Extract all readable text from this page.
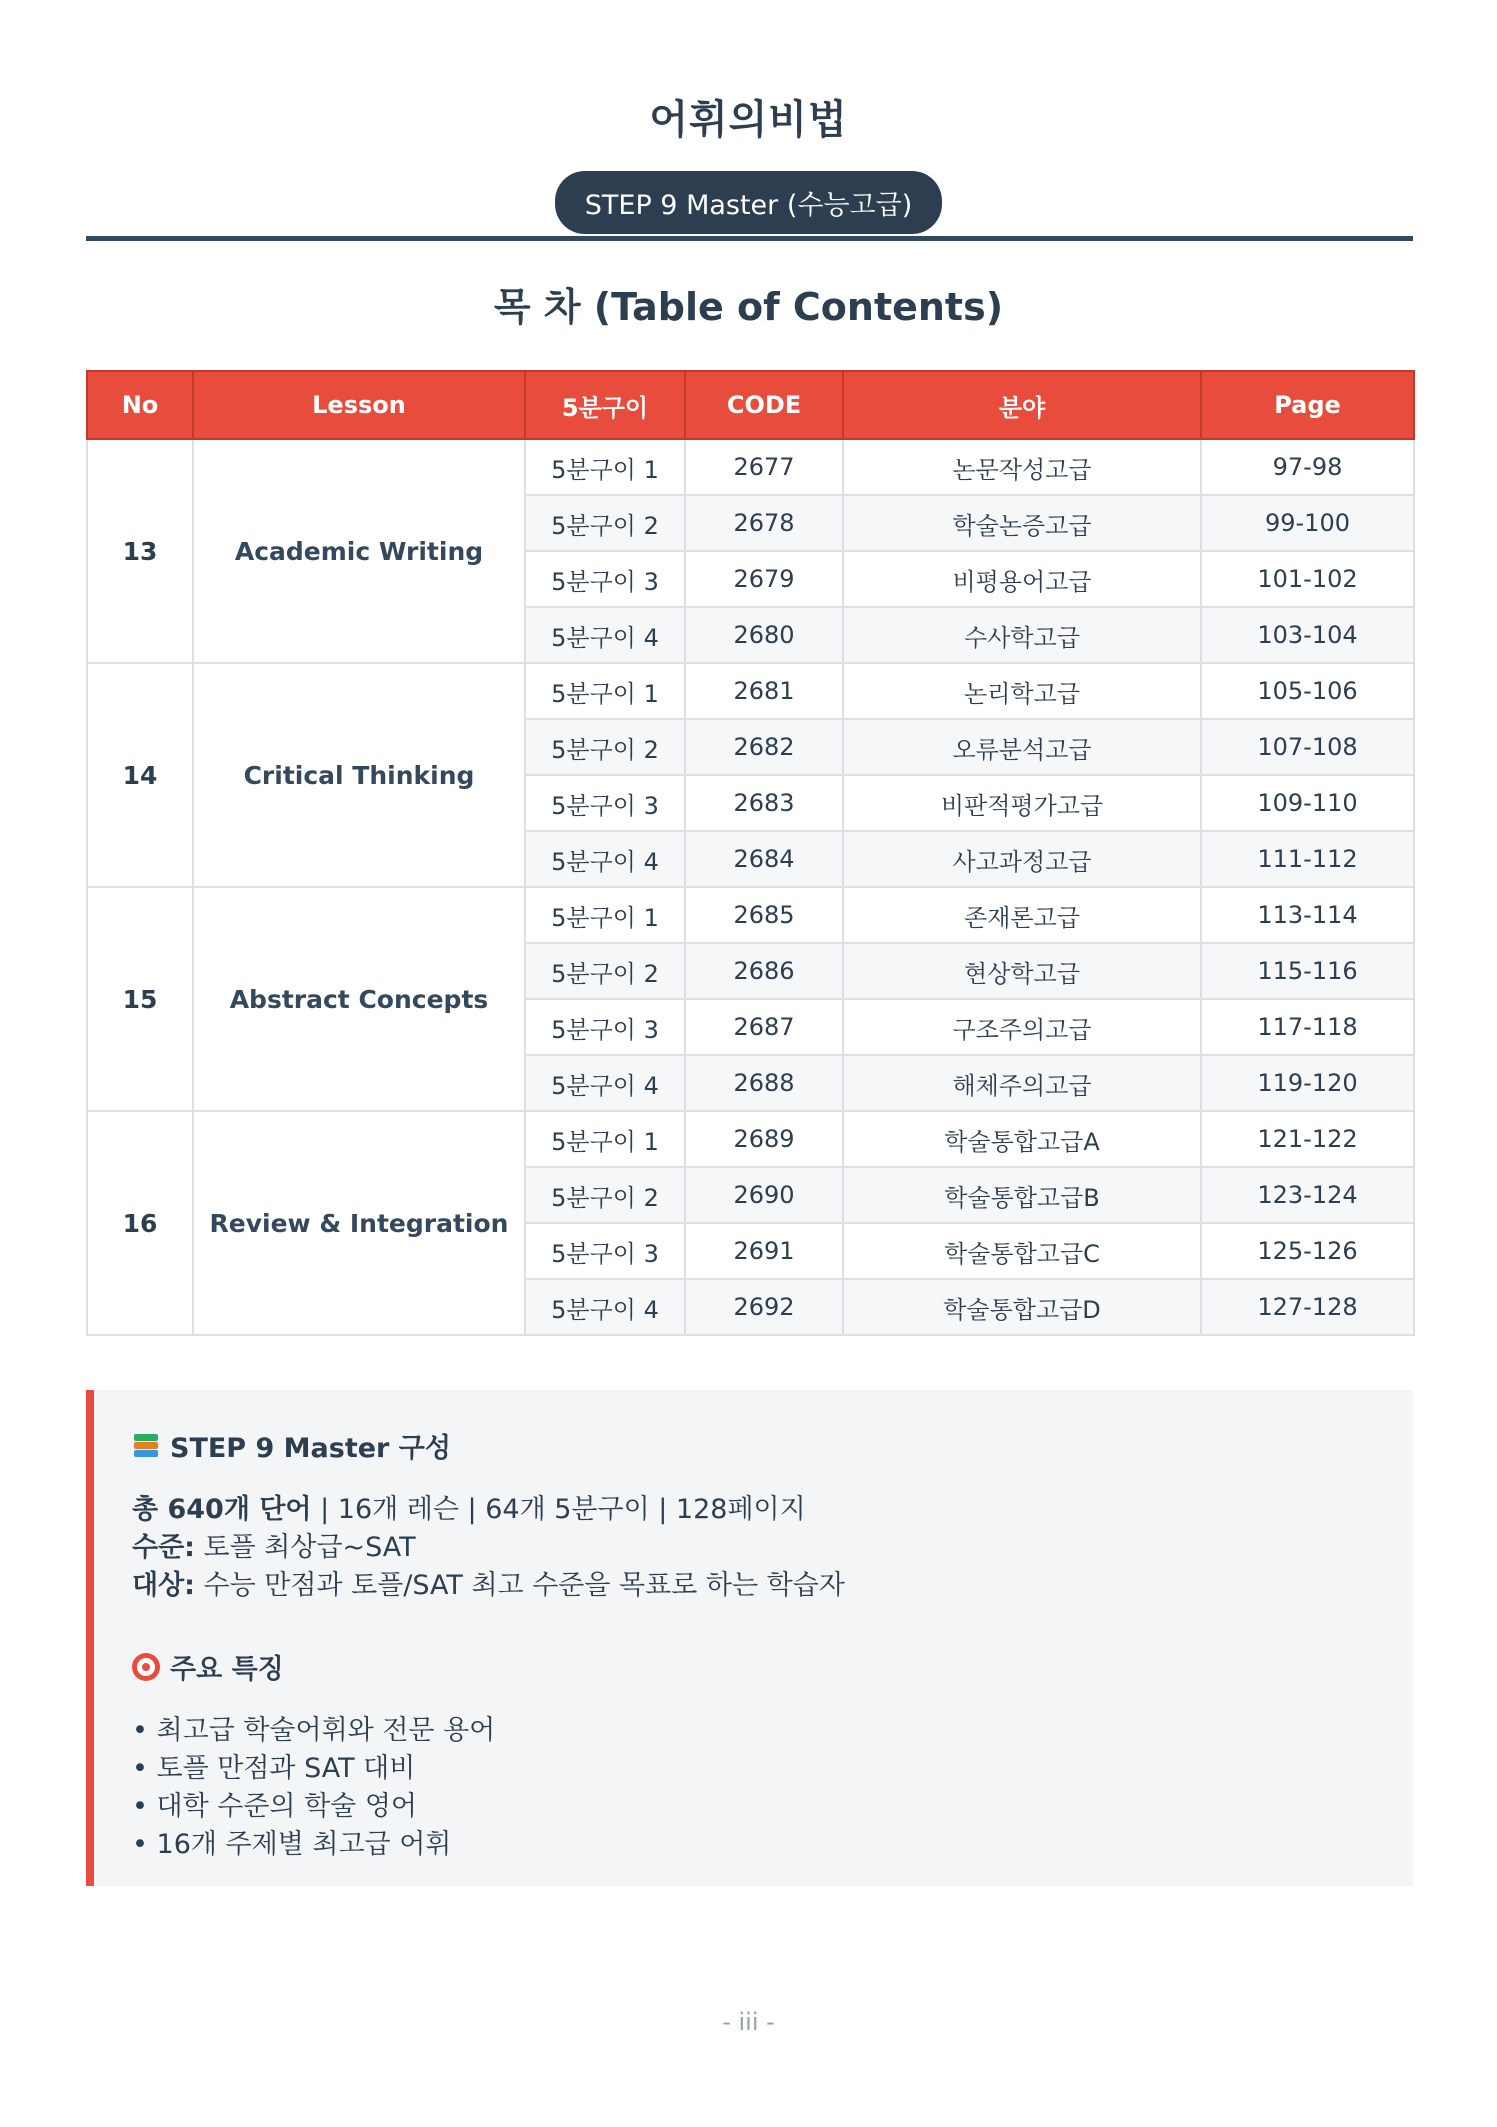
어휘의비법
STEP 9 Master (수능고급)
목 차 (Table of Contents)
No	Lesson	5분구이	CODE	분야	Page
13	Academic Writing	5분구이 1	2677	논문작성고급	97-98
		5분구이 2	2678	학술논증고급	99-100
		5분구이 3	2679	비평용어고급	101-102
		5분구이 4	2680	수사학고급	103-104
14	Critical Thinking	5분구이 1	2681	논리학고급	105-106
		5분구이 2	2682	오류분석고급	107-108
		5분구이 3	2683	비판적평가고급	109-110
		5분구이 4	2684	사고과정고급	111-112
15	Abstract Concepts	5분구이 1	2685	존재론고급	113-114
		5분구이 2	2686	현상학고급	115-116
		5분구이 3	2687	구조주의고급	117-118
		5분구이 4	2688	해체주의고급	119-120
16	Review & Integration	5분구이 1	2689	학술통합고급A	121-122
		5분구이 2	2690	학술통합고급B	123-124
		5분구이 3	2691	학술통합고급C	125-126
		5분구이 4	2692	학술통합고급D	127-128
STEP 9 Master 구성

총 640개 단어 | 16개 레슨 | 64개 5분구이 | 128페이지

수준: 토플 최상급~SAT

대상: 수능 만점과 토플/SAT 최고 수준을 목표로 하는 학습자

주요 특징
• 최고급 학술어휘와 전문 용어
• 토플 만점과 SAT 대비
• 대학 수준의 학술 영어
• 16개 주제별 최고급 어휘
- iii -
